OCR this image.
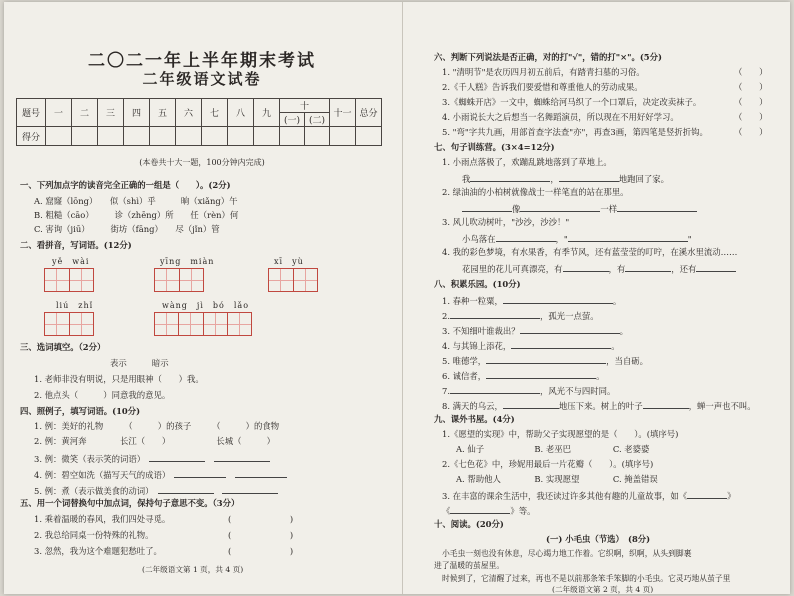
二〇二一年上半年期末考试
二年级语文试卷
题号	一	二	三	四	五	六	七	八	九	十		十一	总分
										(一)	(二)		
得分													
(本卷共十大一题，100分钟内完成)
一、下列加点字的读音完全正确的一组是（　　）。(2分)
A. 窟窿（lōng）　　似（shì）乎　　　晌（xiǎng）午
B. 粗糙（cāo）　　　诊（zhēng）所　　任（rèn）何
C. 害询（jiū）　　　街坊（fāng）　　尽（jǐn）管
二、看拼音，写词语。(12分)
yě　wài	yīng　miàn	xī　yù
liú　zhǐ	wàng　jì　bó　lǎo
三、选词填空。（2分）
表示　　　暗示
1. 老师非没有明说，只是用眼神（　　）我。
2. 他点头（　　　）同意我的意见。
四、照例子，填写词语。(10分)
1. 例：美好的礼物　　　（　　　）的孩子　　　（　　　）的食物
2. 例：黄河奔　　　　长江（　　）　　　　　　长城（　　　）
3. 例：微笑（表示笑的词语）　　
4. 例：碧空如洗（描写天气的成语）　　
5. 例：煮（表示做美食的动词）　　
五、用一个词替换句中加点词，保持句子意思不变。（3分）
1. 乘着温暖的春风，我们四处寻觅。	(　　　　　　　)
2. 我总给同桌一份特殊的礼物。	(　　　　　　　)
3. 忽然，我为这个难题犯愁吐了。	(　　　　　　　)
(二年级语文第 1 页，共 4 页)
六、判断下列说法是否正确，对的打"√"，错的打"×"。(5分)
1. "清明节"是农历四月初五前后，有踏青扫墓的习俗。	（　　）
2.《千人糕》告诉我们要爱惜和尊重他人的劳动成果。	（　　）
3.《蜘蛛开店》一文中，蜘蛛给河马织了一个口罩后，决定改卖袜子。	（　　）
4. 小雨说长大之后想当一名舞蹈演员，所以现在不用好好学习。	（　　）
5. "弯"字共九画，用部首查字法查"亦"，再查3画，第四笔是竖折折钩。	（　　）
七、句子训练营。(3×4=12分)
1. 小雨点落极了，欢蹦乱跳地落到了草地上。
我	，	地跑回了家。
2. 绿油油的小柏树就像战士一样笔直的站在那里。
像	一样
3. 风儿吹动树叶，"沙沙，沙沙！"
小鸟落在	，"	"
4. 我的彩色梦境，有水果香，有季节风，还有蓝莹莹的叮咛，在溪水里流动……
花园里的花儿可真漂亮，有	，有	，还有
八、积累乐园。(10分)
1. 春种一粒粟，	。
2.	，孤光一点萤。
3. 不知细叶谁裁出？	。
4. 与其锦上添花，	。
5. 唯德学，	，当自砺。
6. 诚信者，	。
7.	，风光不与四时同。
8. 满天的乌云，	地压下来。树上的叶子	，蝉一声也不叫。
九、课外书屋。(4分)
1.《愿望的实现》中，帮助父子实现愿望的是（　　）。(填序号)
A. 仙子　　　　　　B. 老巫巴　　　　　C. 老婆婆
2.《七色花》中，珍妮用最后一片花瓣（　　）。(填序号)
A. 帮助他人　　　　B. 实现愿望　　　　C. 掩盖错误
3. 在丰富的课余生活中，我还读过许多其他有趣的儿童故事，如《	》
《	》等。
十、阅读。(20分)
(一) 小毛虫（节选）　(8分)
小毛虫一刻也没有休息，尽心竭力地工作着。它织啊，织啊，从头到脚裹
进了温暖的茧屋里。
时候到了，它清醒了过来，再也不是以前那条笨手笨脚的小毛虫。它灵巧地从茧子里
(二年级语文第 2 页，共 4 页)
